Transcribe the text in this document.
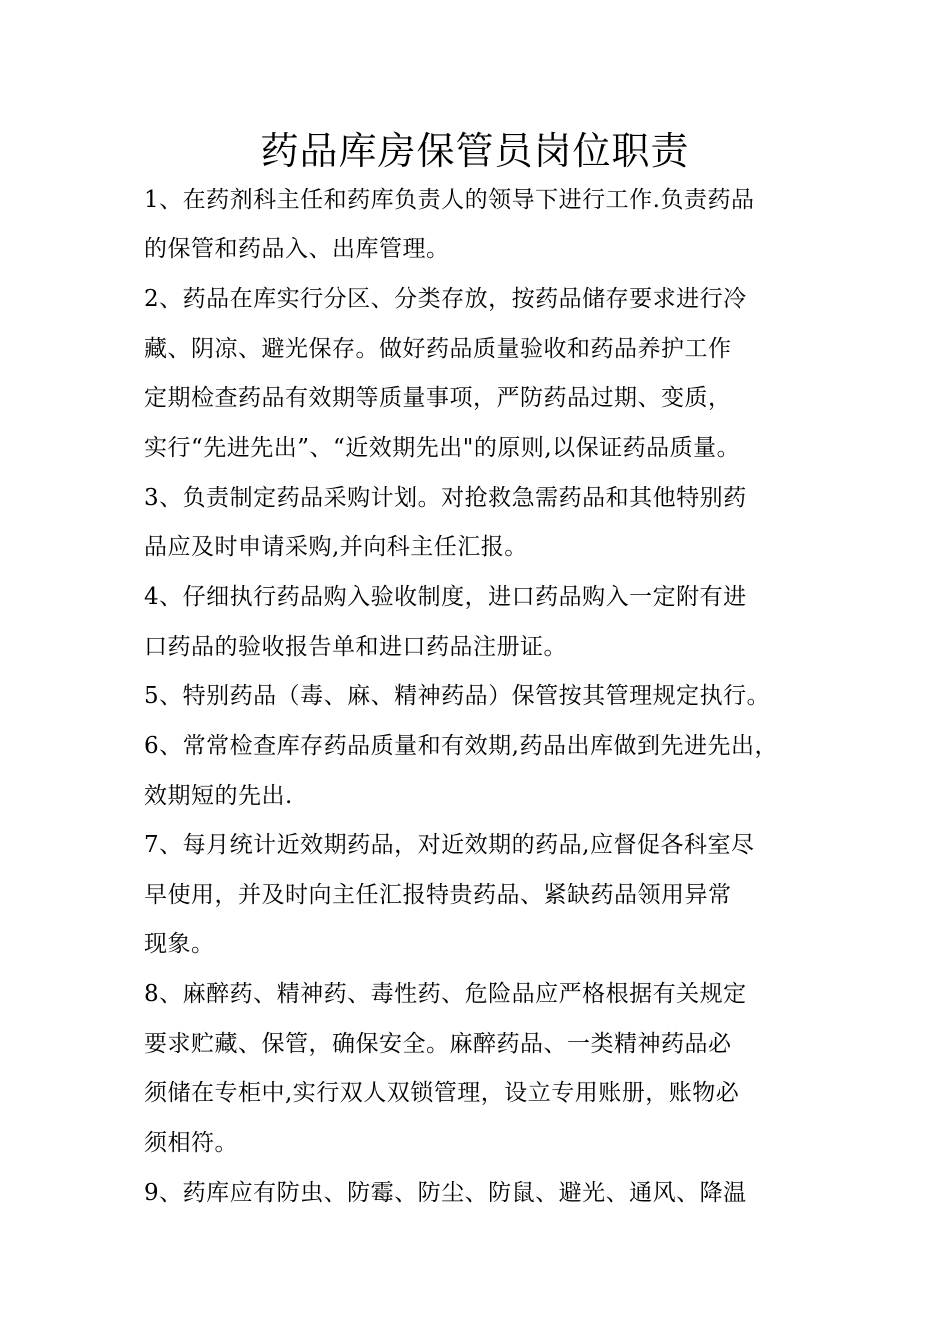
药品库房保管员岗位职责
1、在药剂科主任和药库负责人的领导下进行工作.负责药品
的保管和药品入、出库管理。
2、药品在库实行分区、分类存放，按药品储存要求进行冷
藏、阴凉、避光保存。做好药品质量验收和药品养护工作
定期检查药品有效期等质量事项，严防药品过期、变质，
实行“先进先出”、“近效期先出"的原则,以保证药品质量。
3、负责制定药品采购计划。对抢救急需药品和其他特别药
品应及时申请采购,并向科主任汇报。
4、仔细执行药品购入验收制度，进口药品购入一定附有进
口药品的验收报告单和进口药品注册证。
5、特别药品（毒、麻、精神药品）保管按其管理规定执行。
6、常常检查库存药品质量和有效期,药品出库做到先进先出，
效期短的先出.
7、每月统计近效期药品，对近效期的药品,应督促各科室尽
早使用，并及时向主任汇报特贵药品、紧缺药品领用异常
现象。
8、麻醉药、精神药、毒性药、危险品应严格根据有关规定
要求贮藏、保管，确保安全。麻醉药品、一类精神药品必
须储在专柜中,实行双人双锁管理，设立专用账册，账物必
须相符。
9、药库应有防虫、防霉、防尘、防鼠、避光、通风、降温
